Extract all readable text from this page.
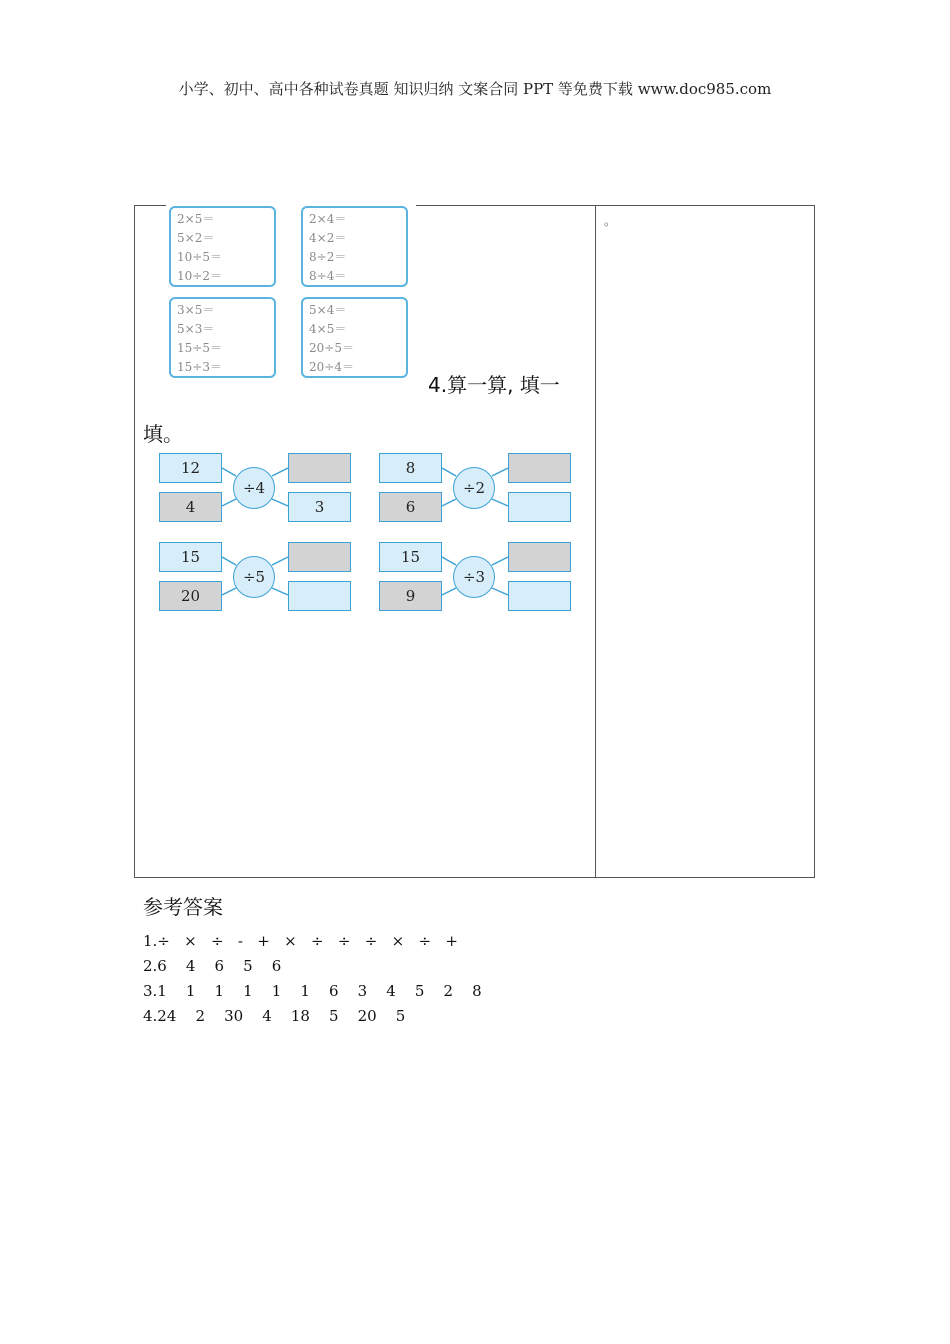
小学、初中、高中各种试卷真题 知识归纳 文案合同 PPT 等免费下载 www.doc985.com
2×5＝
5×2＝
10÷5＝
10÷2＝
2×4＝
4×2＝
8÷2＝
8÷4＝
3×5＝
5×3＝
15÷5＝
15÷3＝
5×4＝
4×5＝
20÷5＝
20÷4＝
。
4.算一算, 填一
填。
12
4
÷4
3
8
6
÷2
15
20
÷5
15
9
÷3
参考答案
1.÷   ×   ÷   -   +   ×   ÷   ÷   ÷   ×   ÷   +
2.6    4    6    5    6
3.1    1    1    1    1    1    6    3    4    5    2    8
4.24    2    30    4    18    5    20    5
